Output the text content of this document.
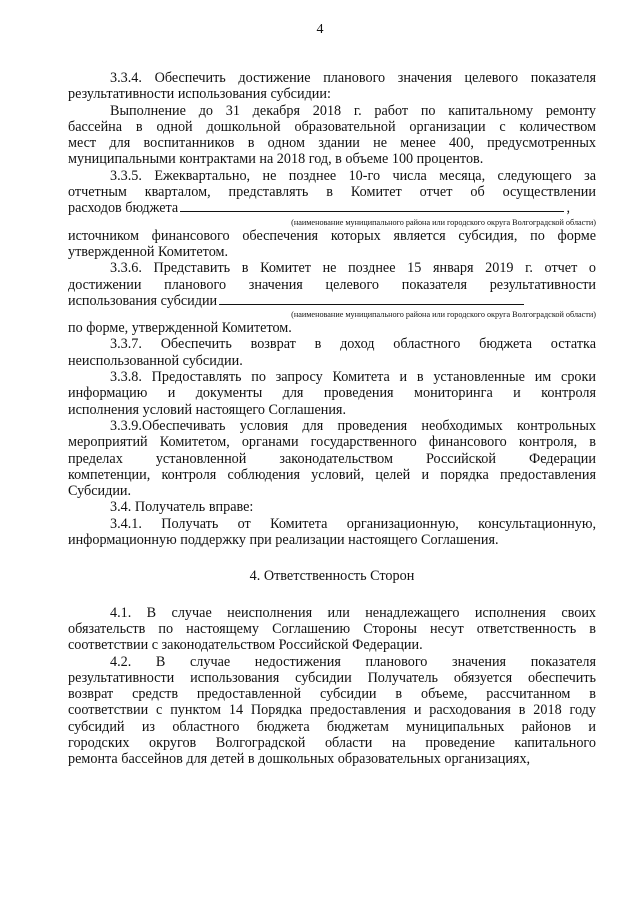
4
3.3.4. Обеспечить достижение планового значения целевого показателя
результативности использования субсидии:
Выполнение до 31 декабря 2018 г. работ по капитальному ремонту
бассейна в одной дошкольной образовательной организации с количеством
мест для воспитанников в одном здании не менее 400, предусмотренных
муниципальными контрактами на 2018 год, в объеме 100 процентов.
3.3.5. Ежеквартально, не позднее 10-го числа месяца, следующего за
отчетным кварталом, представлять в Комитет отчет об осуществлении
расходов бюджета	,
(наименование муниципального района или городского округа Волгоградской области)
источником финансового обеспечения которых является субсидия, по форме
утвержденной Комитетом.
3.3.6. Представить в Комитет не позднее 15 января 2019 г. отчет о
достижении планового значения целевого показателя результативности
использования субсидии
(наименование муниципального района или городского округа Волгоградской области)
по форме, утвержденной Комитетом.
3.3.7. Обеспечить возврат в доход областного бюджета остатка
неиспользованной субсидии.
3.3.8. Предоставлять по запросу Комитета и в установленные им сроки
информацию и документы для проведения мониторинга и контроля
исполнения условий настоящего Соглашения.
3.3.9.Обеспечивать условия для проведения необходимых контрольных
мероприятий Комитетом, органами государственного финансового контроля, в
пределах установленной законодательством Российской Федерации
компетенции, контроля соблюдения условий, целей и порядка предоставления
Субсидии.
3.4. Получатель вправе:
3.4.1. Получать от Комитета организационную, консультационную,
информационную поддержку при реализации настоящего Соглашения.
4. Ответственность Сторон
4.1. В случае неисполнения или ненадлежащего исполнения своих
обязательств по настоящему Соглашению Стороны несут ответственность в
соответствии с законодательством Российской Федерации.
4.2. В случае недостижения планового значения показателя
результативности использования субсидии Получатель обязуется обеспечить
возврат средств предоставленной субсидии в объеме, рассчитанном в
соответствии с пунктом 14 Порядка предоставления и расходования в 2018 году
субсидий из областного бюджета бюджетам муниципальных районов и
городских округов Волгоградской области на проведение капитального
ремонта бассейнов для детей в дошкольных образовательных организациях,
